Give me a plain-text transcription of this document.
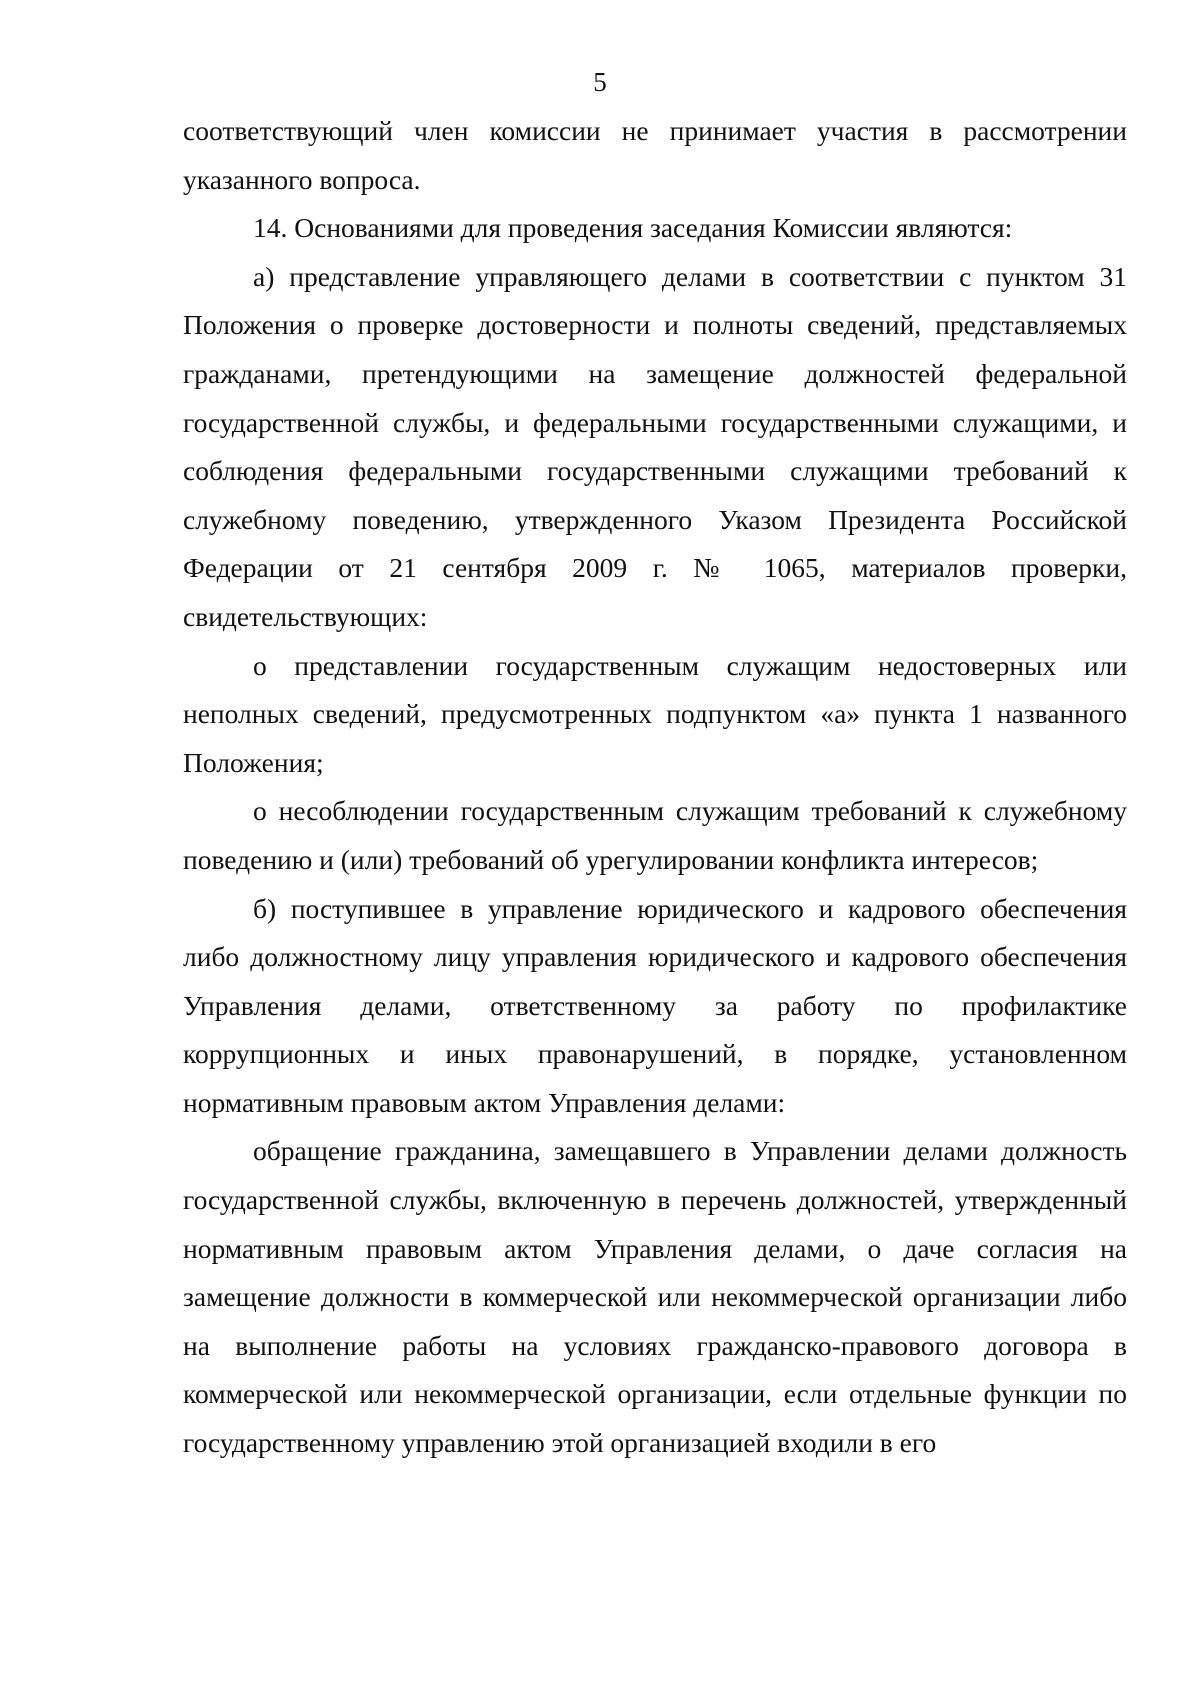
5

соответствующий член комиссии не принимает участия в рассмотрении указанного вопроса.

14. Основаниями для проведения заседания Комиссии являются:

а) представление управляющего делами в соответствии с пунктом 31 Положения о проверке достоверности и полноты сведений, представляемых гражданами, претендующими на замещение должностей федеральной государственной службы, и федеральными государственными служащими, и соблюдения федеральными государственными служащими требований к служебному поведению, утвержденного Указом Президента Российской Федерации от 21 сентября 2009 г. № 1065, материалов проверки, свидетельствующих:

о представлении государственным служащим недостоверных или неполных сведений, предусмотренных подпунктом «а» пункта 1 названного Положения;

о несоблюдении государственным служащим требований к служебному поведению и (или) требований об урегулировании конфликта интересов;

б) поступившее в управление юридического и кадрового обеспечения либо должностному лицу управления юридического и кадрового обеспечения Управления делами, ответственному за работу по профилактике коррупционных и иных правонарушений, в порядке, установленном нормативным правовым актом Управления делами:

обращение гражданина, замещавшего в Управлении делами должность государственной службы, включенную в перечень должностей, утвержденный нормативным правовым актом Управления делами, о даче согласия на замещение должности в коммерческой или некоммерческой организации либо на выполнение работы на условиях гражданско-правового договора в коммерческой или некоммерческой организации, если отдельные функции по государственному управлению этой организацией входили в его
